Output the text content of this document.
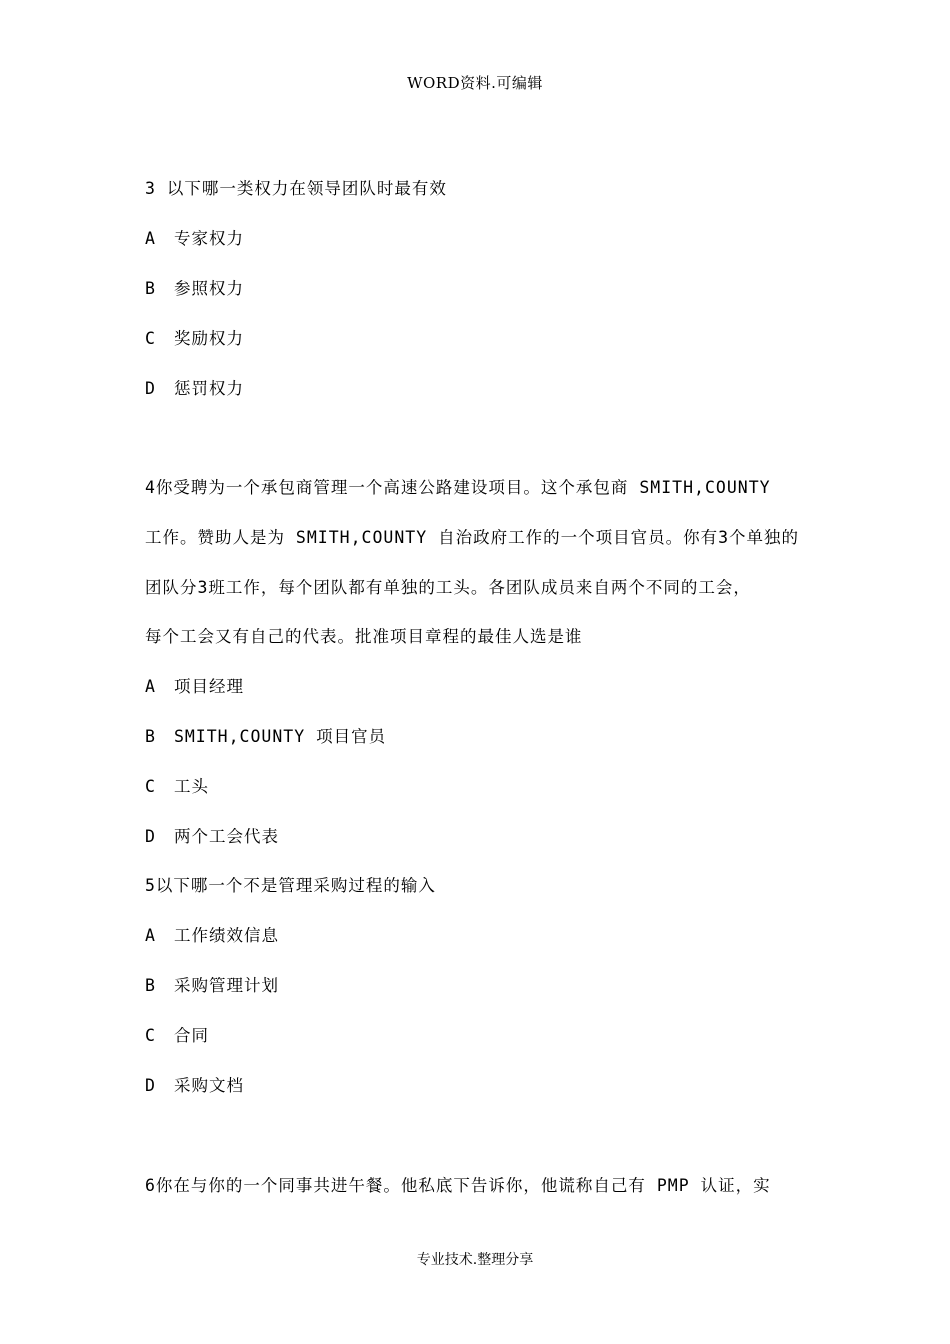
WORD资料.可编辑
3 以下哪一类权力在领导团队时最有效
A 专家权力
B 参照权力
C 奖励权力
D 惩罚权力
4你受聘为一个承包商管理一个高速公路建设项目。这个承包商 SMITH,COUNTY
工作。赞助人是为 SMITH,COUNTY 自治政府工作的一个项目官员。你有3个单独的
团队分3班工作，每个团队都有单独的工头。各团队成员来自两个不同的工会，
每个工会又有自己的代表。批准项目章程的最佳人选是谁
A 项目经理
B SMITH,COUNTY 项目官员
C 工头
D 两个工会代表
5以下哪一个不是管理采购过程的输入
A 工作绩效信息
B 采购管理计划
C 合同
D 采购文档
6你在与你的一个同事共进午餐。他私底下告诉你，他谎称自己有 PMP 认证，实
专业技术.整理分享
